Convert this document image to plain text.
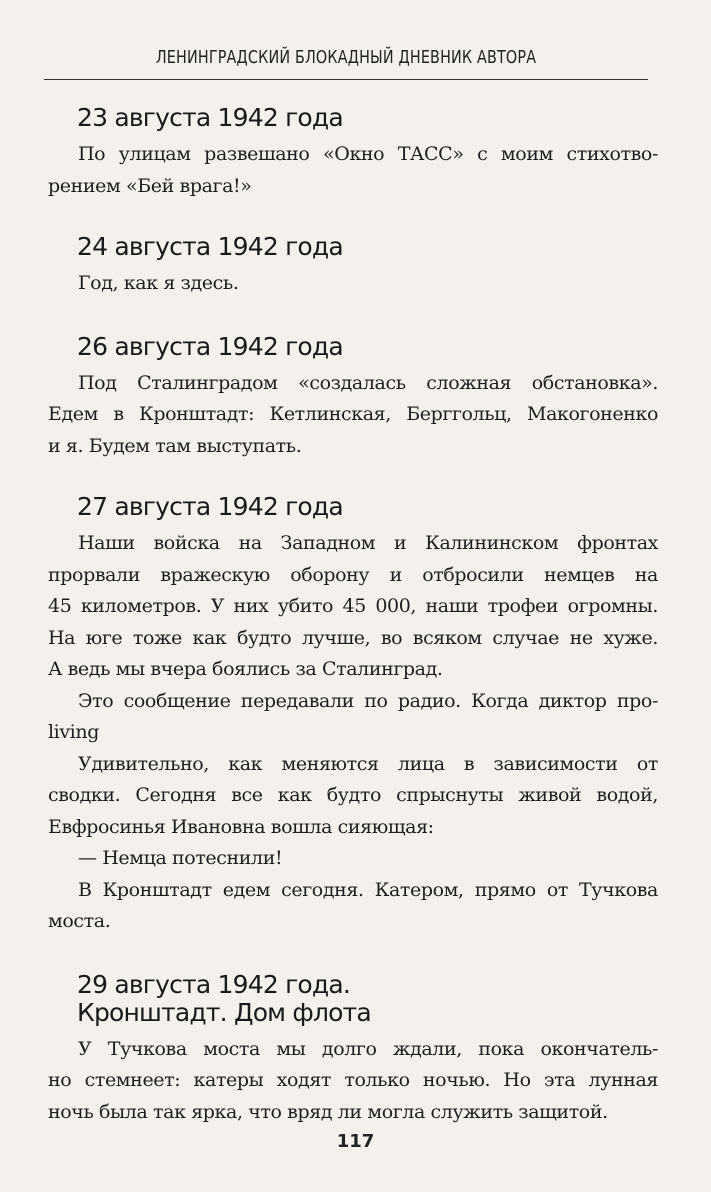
ЛЕНИНГРАДСКИЙ БЛОКАДНЫЙ ДНЕВНИК АВТОРА
23 августа 1942 года
По улицам развешано «Окно ТАСС» с моим стихотво-
рением «Бей врага!»
24 августа 1942 года
Год, как я здесь.
26 августа 1942 года
Под Сталинградом «создалась сложная обстановка».
Едем в Кронштадт: Кетлинская, Берггольц, Макогоненко
и я. Будем там выступать.
27 августа 1942 года
Наши войска на Западном и Калининском фронтах
прорвали вражескую оборону и отбросили немцев на
45 километров. У них убито 45 000, наши трофеи огромны.
На юге тоже как будто лучше, во всяком случае не хуже.
А ведь мы вчера боялись за Сталинград.
Это сообщение передавали по радио. Когда диктор про-
living
Удивительно, как меняются лица в зависимости от
сводки. Сегодня все как будто спрыснуты живой водой,
Евфросинья Ивановна вошла сияющая:
— Немца потеснили!
В Кронштадт едем сегодня. Катером, прямо от Тучкова
моста.
29 августа 1942 года.
Кронштадт. Дом флота
У Тучкова моста мы долго ждали, пока окончатель-
но стемнеет: катеры ходят только ночью. Но эта лунная
ночь была так ярка, что вряд ли могла служить защитой.
117
